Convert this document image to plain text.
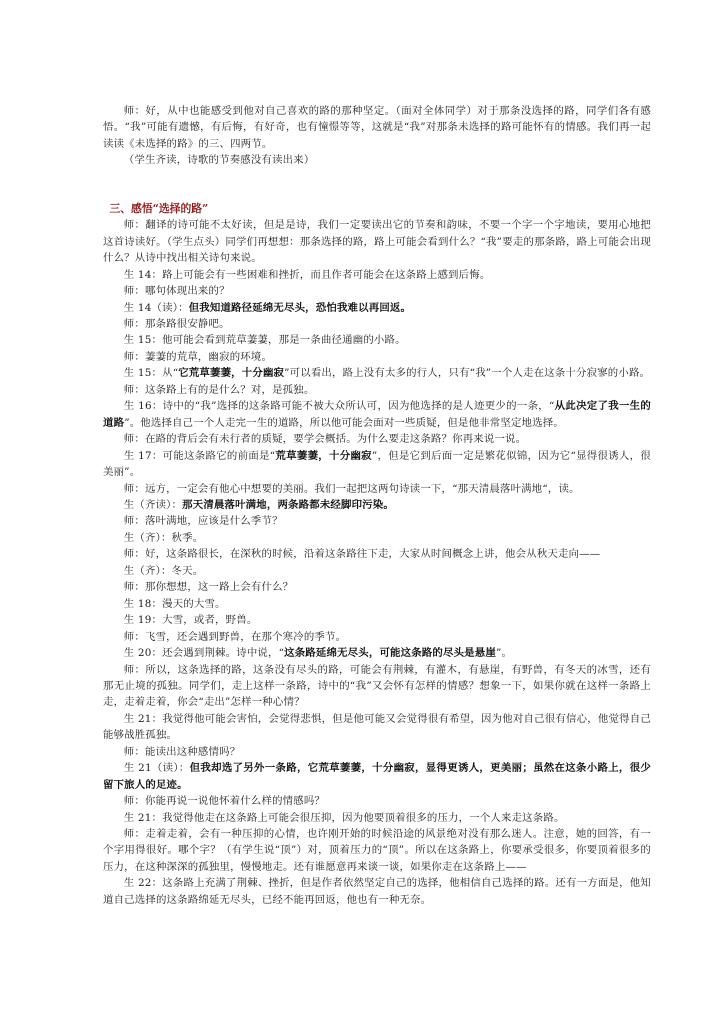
师：好，从中也能感受到他对自己喜欢的路的那种坚定。（面对全体同学）对于那条没选择的路，同学们各有感悟。“我”可能有遗憾，有后悔，有好奇，也有憧憬等等，这就是“我”对那条未选择的路可能怀有的情感。我们再一起读读《未选择的路》的三、四两节。

（学生齐读，诗歌的节奏感没有读出来）

三、感悟“选择的路”

师：翻译的诗可能不太好读，但是是诗，我们一定要读出它的节奏和韵味，不要一个字一个字地读，要用心地把这首诗读好。（学生点头）同学们再想想：那条选择的路，路上可能会看到什么？“我”要走的那条路，路上可能会出现什么？从诗中找出相关诗句来说。

生 14：路上可能会有一些困难和挫折，而且作者可能会在这条路上感到后悔。

师：哪句体现出来的？

生 14（读）：但我知道路径延绵无尽头，恐怕我难以再回返。

师：那条路很安静吧。

生 15：他可能会看到荒草萋萋，那是一条曲径通幽的小路。

师：萋萋的荒草，幽寂的环境。

生 15：从“它荒草萋萋，十分幽寂”可以看出，路上没有太多的行人，只有“我”一个人走在这条十分寂寥的小路。

师：这条路上有的是什么？对，是孤独。

生 16：诗中的“我”选择的这条路可能不被大众所认可，因为他选择的是人迹更少的一条，“从此决定了我一生的道路”。他选择自己一个人走完一生的道路，所以他可能会面对一些质疑，但是他非常坚定地选择。

师：在路的背后会有未行者的质疑，要学会概括。为什么要走这条路？你再来说一说。

生 17：可能这条路它的前面是“荒草萋萋，十分幽寂”，但是它到后面一定是繁花似锦，因为它“显得很诱人，很美丽”。

师：远方，一定会有他心中想要的美丽。我们一起把这两句诗读一下，“那天清晨落叶满地“，读。

生（齐读）：那天清晨落叶满地，两条路都未经脚印污染。

师：落叶满地，应该是什么季节？

生（齐）：秋季。

师：好，这条路很长，在深秋的时候，沿着这条路往下走，大家从时间概念上讲，他会从秋天走向——

生（齐）：冬天。

师：那你想想，这一路上会有什么？

生 18：漫天的大雪。

生 19：大雪，或者，野兽。

师：飞雪，还会遇到野兽，在那个寒冷的季节。

生 20：还会遇到荆棘。诗中说，“这条路延绵无尽头，可能这条路的尽头是悬崖”。

师：所以，这条选择的路，这条没有尽头的路，可能会有荆棘，有灌木，有悬崖，有野兽，有冬天的冰雪，还有那无止境的孤独。同学们，走上这样一条路，诗中的“我”又会怀有怎样的情感？想象一下，如果你就在这样一条路上走，走着走着，你会“走出”怎样一种心情？

生 21：我觉得他可能会害怕，会觉得悲惧，但是他可能又会觉得很有希望，因为他对自己很有信心，他觉得自己能够战胜孤独。

师：能读出这种感情吗？

生 21（读）：但我却选了另外一条路，它荒草萋萋，十分幽寂，显得更诱人，更美丽；虽然在这条小路上，很少留下旅人的足迹。

师：你能再说一说他怀着什么样的情感吗？

生 21：我觉得他走在这条路上可能会很压抑，因为他要顶着很多的压力，一个人来走这条路。

师：走着走着，会有一种压抑的心情，也许刚开始的时候沿途的风景绝对没有那么迷人。注意，她的回答，有一个字用得很好。哪个字？（有学生说“顶”）对，顶着压力的“顶”。所以在这条路上，你要承受很多，你要顶着很多的压力，在这种深深的孤独里，慢慢地走。还有谁愿意再来谈一谈，如果你走在这条路上——

生 22：这条路上充满了荆棘、挫折，但是作者依然坚定自己的选择，他相信自己选择的路。还有一方面是，他知道自己选择的这条路绵延无尽头，已经不能再回返，他也有一种无奈。
